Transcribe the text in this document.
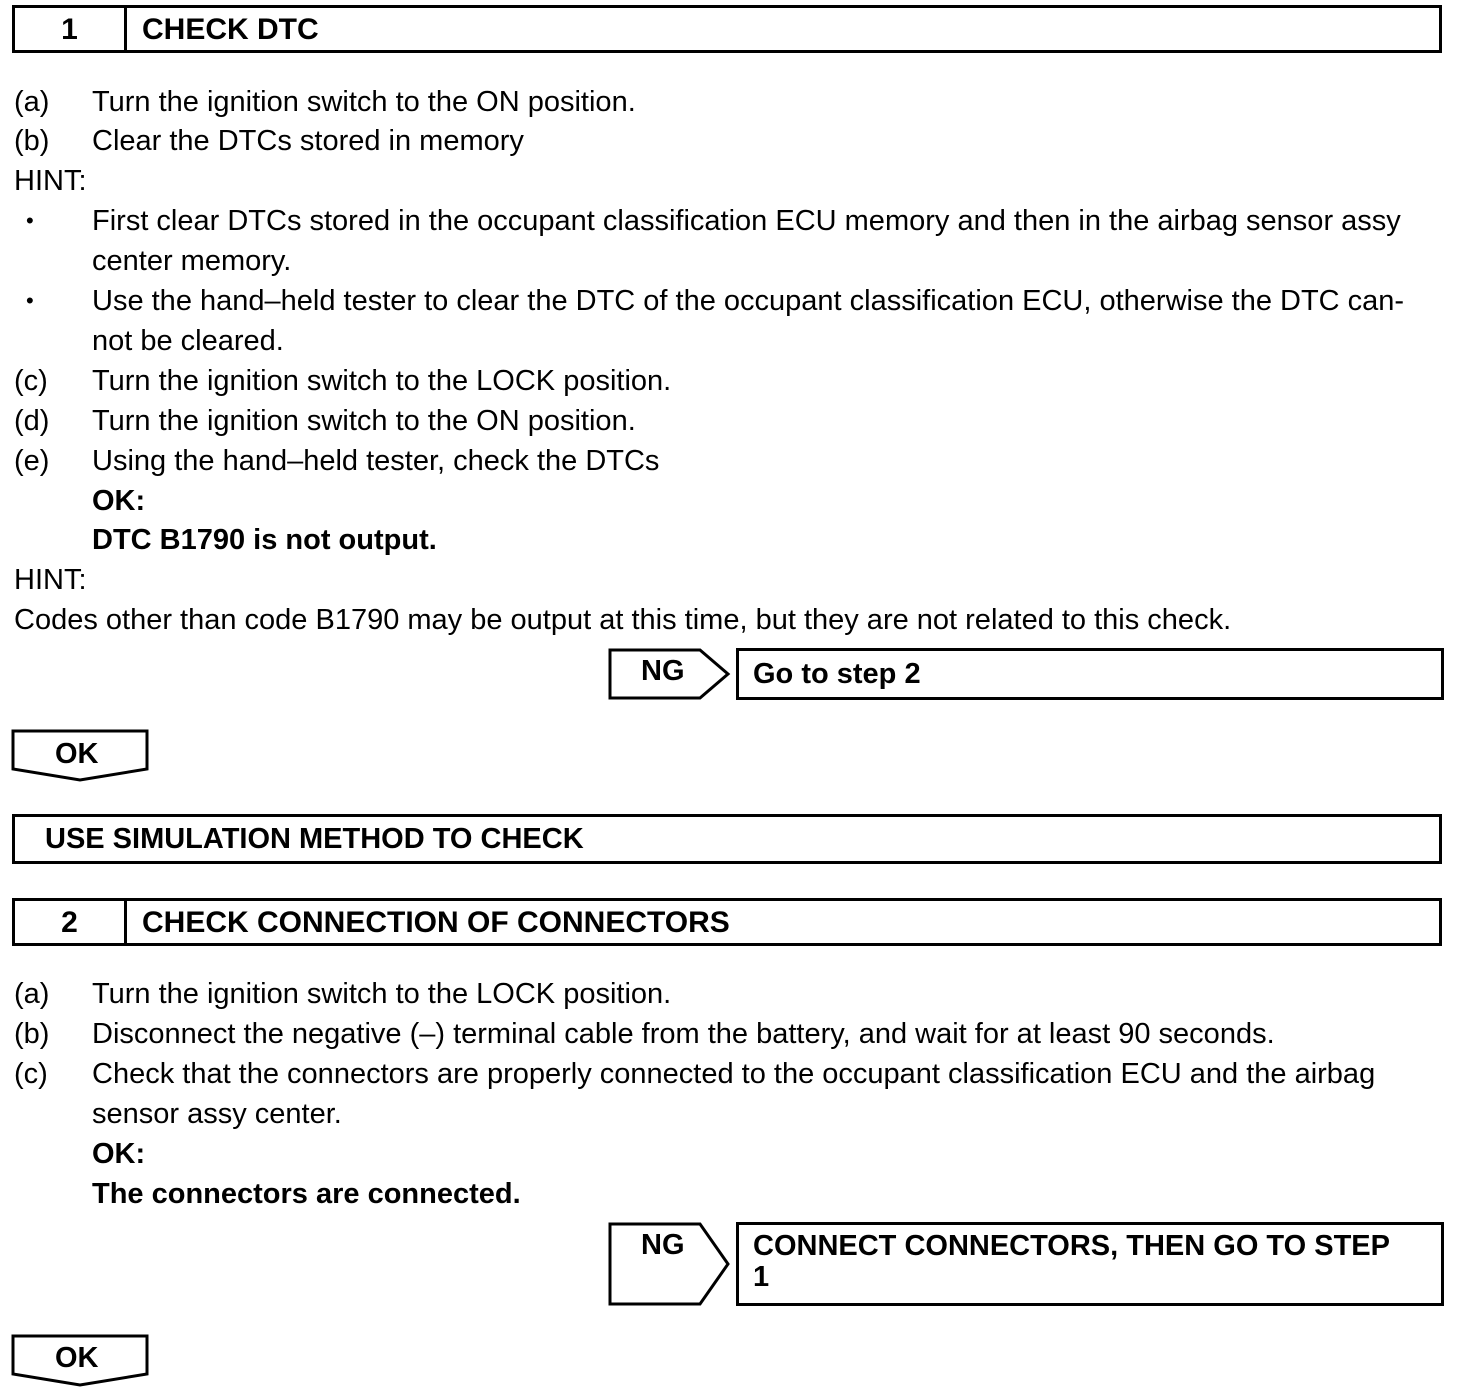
1	CHECK DTC
(a) Turn the ignition switch to the ON position.
(b) Clear the DTCs stored in memory
HINT:
• First clear DTCs stored in the occupant classification ECU memory and then in the airbag sensor assy
center memory.
• Use the hand–held tester to clear the DTC of the occupant classification ECU, otherwise the DTC can-
not be cleared.
(c) Turn the ignition switch to the LOCK position.
(d) Turn the ignition switch to the ON position.
(e) Using the hand–held tester, check the DTCs
OK:
DTC B1790 is not output.
HINT:
Codes other than code B1790 may be output at this time, but they are not related to this check.
NG Go to step 2
OK
USE SIMULATION METHOD TO CHECK
2	CHECK CONNECTION OF CONNECTORS
(a) Turn the ignition switch to the LOCK position.
(b) Disconnect the negative (–) terminal cable from the battery, and wait for at least 90 seconds.
(c) Check that the connectors are properly connected to the occupant classification ECU and the airbag
sensor assy center.
OK:
The connectors are connected.
NG CONNECT CONNECTORS, THEN GO TO STEP
1
OK
